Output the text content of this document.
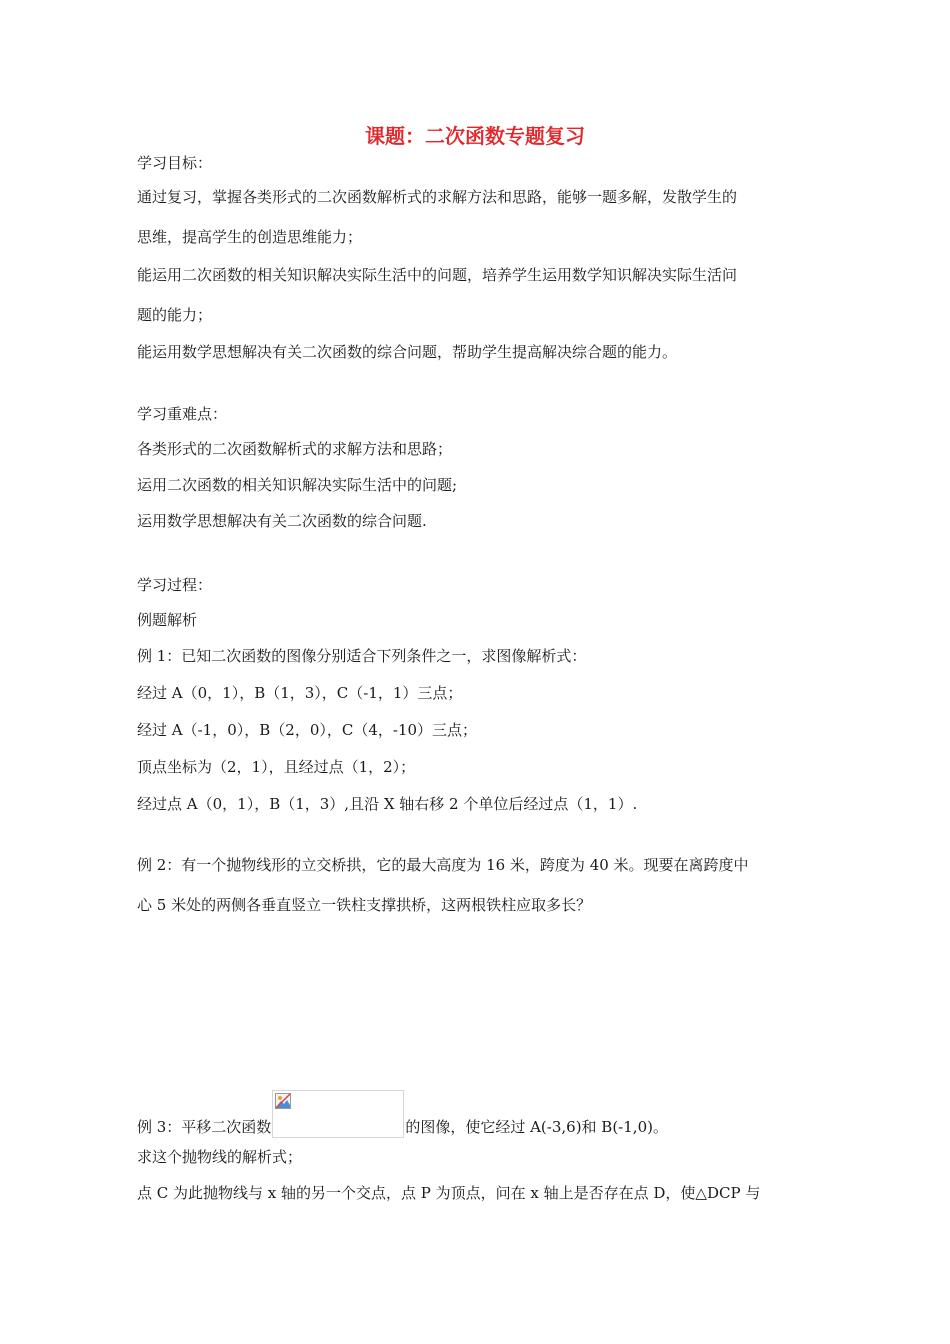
课题：二次函数专题复习
学习目标：
通过复习，掌握各类形式的二次函数解析式的求解方法和思路，能够一题多解，发散学生的
思维，提高学生的创造思维能力；
能运用二次函数的相关知识解决实际生活中的问题，培养学生运用数学知识解决实际生活问
题的能力；
能运用数学思想解决有关二次函数的综合问题，帮助学生提高解决综合题的能力。
学习重难点：
各类形式的二次函数解析式的求解方法和思路；
运用二次函数的相关知识解决实际生活中的问题;
运用数学思想解决有关二次函数的综合问题.
学习过程：
例题解析
例 1：已知二次函数的图像分别适合下列条件之一，求图像解析式：
经过 A（0，1），B（1，3），C（-1，1）三点；
经过 A（-1，0），B（2，0），C（4，-10）三点；
顶点坐标为（2，1），且经过点（1，2）；
经过点 A（0，1），B（1，3）,且沿 X 轴右移 2 个单位后经过点（1，1）.
例 2：有一个抛物线形的立交桥拱，它的最大高度为 16 米，跨度为 40 米。现要在离跨度中
心 5 米处的两侧各垂直竖立一铁柱支撑拱桥，这两根铁柱应取多长？
例 3：平移二次函数	的图像，使它经过 A(-3,6)和 B(-1,0)。
求这个抛物线的解析式；
点 C 为此抛物线与 x 轴的另一个交点，点 P 为顶点，问在 x 轴上是否存在点 D，使△DCP 与
